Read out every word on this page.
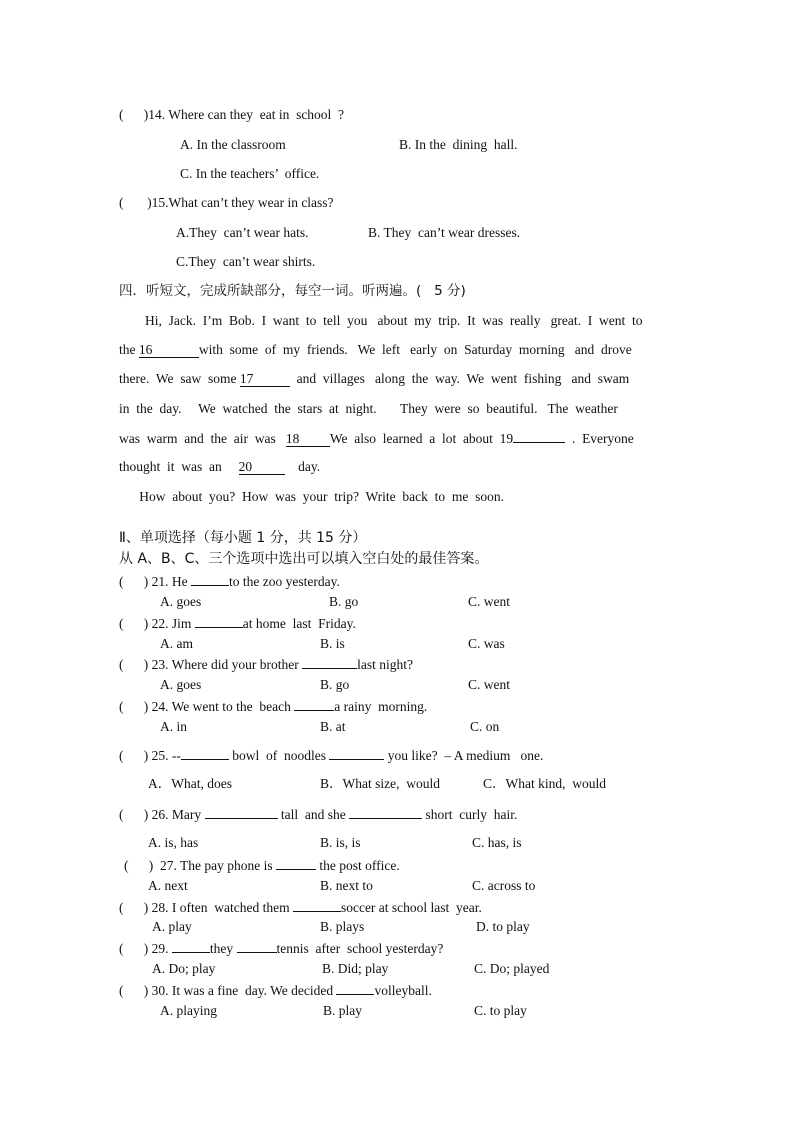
(      )14. Where can they  eat in  school  ?
A. In the classroom	B. In the  dining  hall.
C. In the teachers’  office.
(       )15.What can’t they wear in class?
A.They  can’t wear hats.	B. They  can’t wear dresses.
C.They  can’t wear shirts.
四．听短文，完成所缺部分，每空一词。听两遍。(   5 分)
Hi,  Jack.  I’m  Bob.  I  want  to  tell  you   about  my  trip.  It  was  really   great.  I  went  to
the 16	with  some  of  my  friends.   We  left   early  on  Saturday  morning   and  drove
there.  We  saw  some 17	and  villages   along  the  way.  We  went  fishing   and  swam
in  the  day.     We  watched  the  stars  at  night.       They  were  so  beautiful.   The  weather
was  warm  and  the  air  was   18 We  also  learned  a  lot  about  19	.  Everyone
thought  it  was  an     20    day.
How  about  you?  How  was  your  trip?  Write  back  to  me  soon.
Ⅱ、单项选择（每小题 1 分，共 15 分）
从 A、B、C、三个选项中选出可以填入空白处的最佳答案。
(      ) 21. He	to the zoo yesterday.
A. goes	B. go	C. went
(      ) 22. Jim	at home  last  Friday.
A. am	B. is	C. was
(      ) 23. Where did your brother	last night?
A. goes	B. go	C. went
(      ) 24. We went to the  beach	a rainy  morning.
A. in	B. at	C. on
(      ) 25. --	bowl  of  noodles	you like?  – A medium   one.
A．What, does	B．What size,  would	C．What kind,  would
(      ) 26. Mary	tall  and she	short  curly  hair.
A. is, has	B. is, is	C. has, is
(      )  27. The pay phone is	the post office.
A. next	B. next to	C. across to
(      ) 28. I often  watched them	soccer at school last  year.
A. play	B. plays	D. to play
(      ) 29.	they	tennis  after  school yesterday?
A. Do; play	B. Did; play	C. Do; played
(      ) 30. It was a fine  day. We decided	volleyball.
A. playing	B. play	C. to play
